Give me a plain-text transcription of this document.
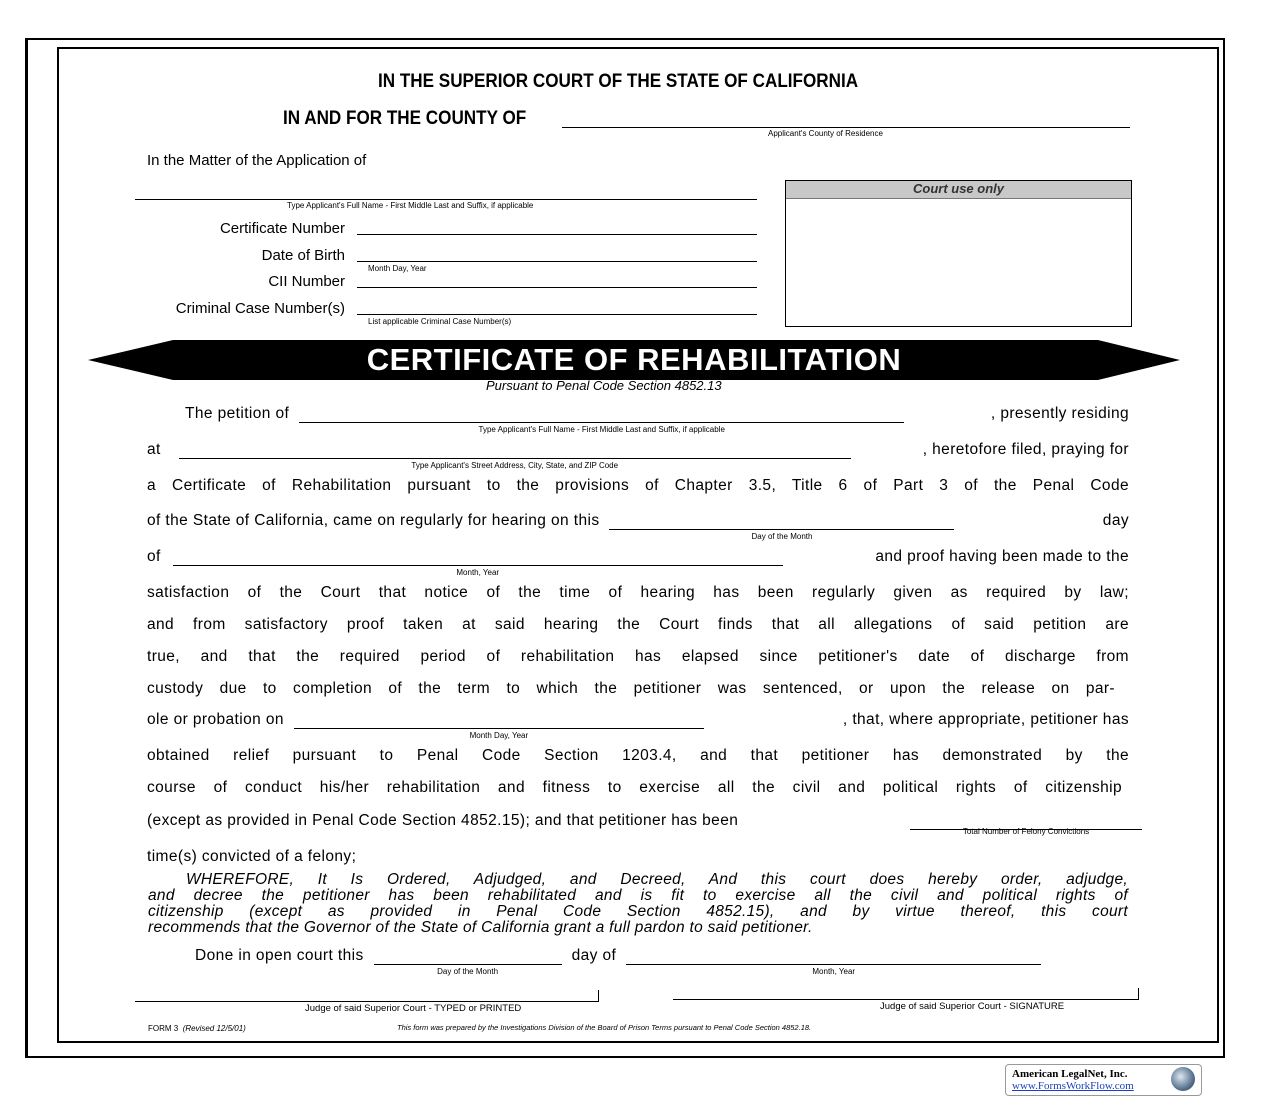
IN THE SUPERIOR COURT OF THE STATE OF CALIFORNIA
IN AND FOR THE COUNTY OF
Applicant's County of Residence
In the Matter of the Application of
Type Applicant's Full Name - First Middle Last and Suffix, if applicable
Certificate Number
Date of Birth
Month Day, Year
CII Number
Criminal Case Number(s)
List applicable Criminal Case Number(s)
Court use only
CERTIFICATE OF REHABILITATION
Pursuant to Penal Code Section 4852.13
The petition of
Type Applicant's Full Name - First Middle Last and Suffix, if applicable
, presently residing
at
Type Applicant's Street Address, City, State, and ZIP Code
, heretofore filed, praying for
a Certificate of Rehabilitation pursuant to the provisions of Chapter 3.5, Title 6 of Part 3 of the Penal Code
of the State of California, came on regularly for hearing on this
Day of the Month
day
of
Month, Year
and proof having been made to the
satisfaction of the Court that notice of the time of hearing has been regularly given as required by law;
and from satisfactory proof taken at said hearing the Court finds that all allegations of said petition are
true, and that the required period of rehabilitation has elapsed since petitioner's date of discharge from
custody due to completion of the term to which the petitioner was sentenced, or upon the release on par-
ole or probation on
Month Day, Year
, that, where appropriate, petitioner has
obtained relief pursuant to Penal Code Section 1203.4, and that petitioner has demonstrated by the
course of conduct his/her rehabilitation and fitness to exercise all the civil and political rights of citizenship
(except as provided in Penal Code Section 4852.15); and that petitioner has been
Total Number of Felony Convictions
time(s) convicted of a felony;
WHEREFORE, It Is Ordered, Adjudged, and Decreed, And this court does hereby order, adjudge,
and decree the petitioner has been rehabilitated and is fit to exercise all the civil and political rights of
citizenship (except as provided in Penal Code Section 4852.15), and by virtue thereof, this court
recommends that the Governor of the State of California grant a full pardon to said petitioner.
Done in open court this
Day of the Month
day of
Month, Year
Judge of said Superior Court - TYPED or PRINTED	Judge of said Superior Court - SIGNATURE
FORM 3 (Revised 12/5/01)	This form was prepared by the Investigations Division of the Board of Prison Terms pursuant to Penal Code Section 4852.18.
American LegalNet, Inc.
www.FormsWorkFlow.com
